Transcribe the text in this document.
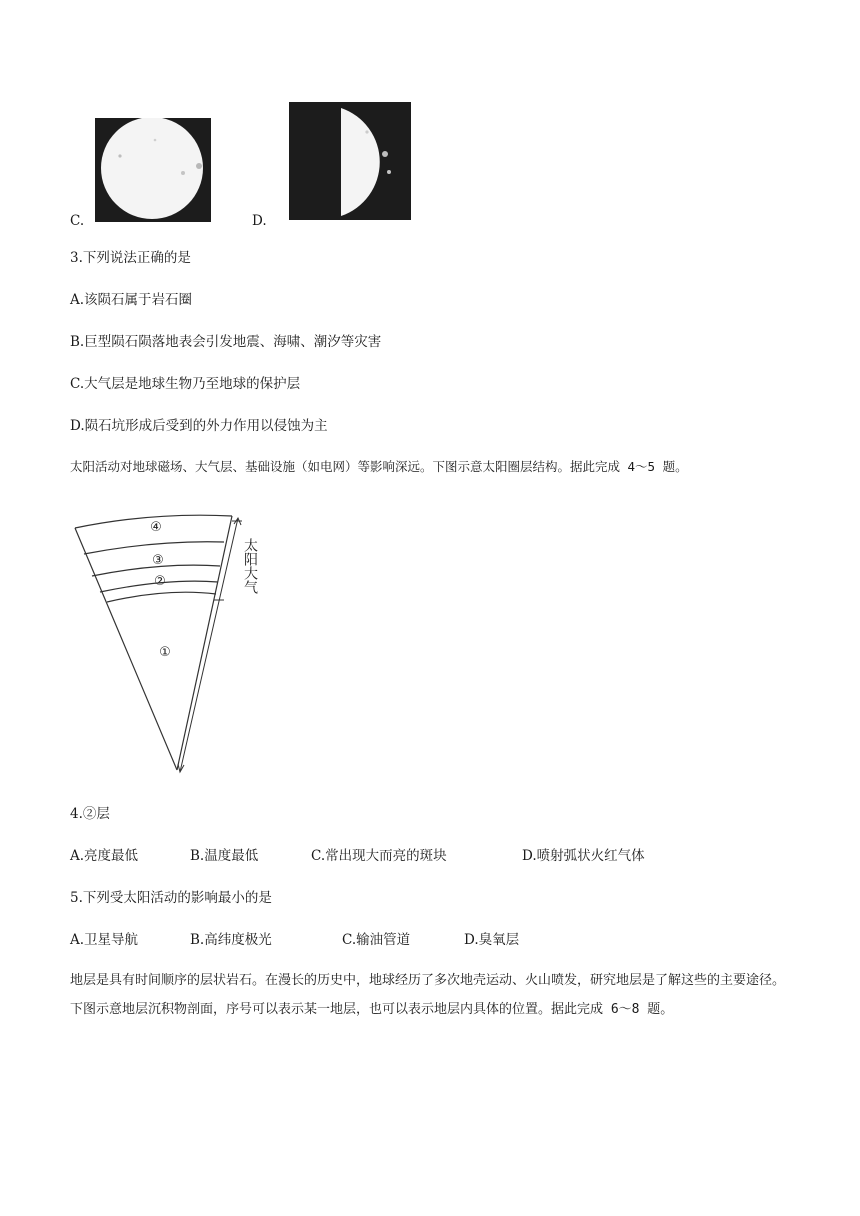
C.	D.
3.下列说法正确的是
A.该陨石属于岩石圈
B.巨型陨石陨落地表会引发地震、海啸、潮汐等灾害
C.大气层是地球生物乃至地球的保护层
D.陨石坑形成后受到的外力作用以侵蚀为主
太阳活动对地球磁场、大气层、基础设施（如电网）等影响深远。下图示意太阳圈层结构。据此完成 4～5 题。
④
③
②
①
太阳大气
4.②层
A.亮度最低	B.温度最低	C.常出现大而亮的斑块	D.喷射弧状火红气体
5.下列受太阳活动的影响最小的是
A.卫星导航	B.高纬度极光	C.输油管道	D.臭氧层
地层是具有时间顺序的层状岩石。在漫长的历史中，地球经历了多次地壳运动、火山喷发，研究地层是了解这些的主要途径。下图示意地层沉积物剖面，序号可以表示某一地层，也可以表示地层内具体的位置。据此完成 6～8 题。
